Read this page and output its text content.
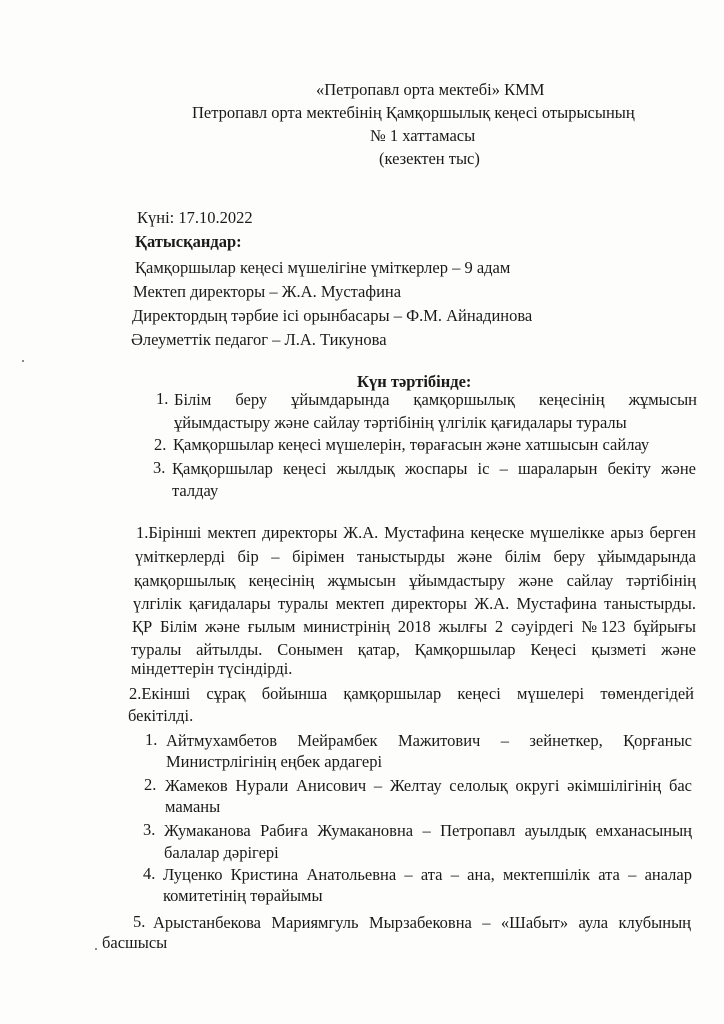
«Петропавл орта мектебі» КММ
Петропавл орта мектебінің Қамқоршылық кеңесі отырысының
№ 1 хаттамасы
(кезектен тыс)
Күні: 17.10.2022
Қатысқандар:
Қамқоршылар кеңесі мүшелігіне үміткерлер – 9 адам
Мектеп директоры – Ж.А. Мустафина
Директордың тәрбие ісі орынбасары – Ф.М. Айнадинова
Әлеуметтік педагог – Л.А. Тикунова
Күн тәртібінде:
1. Білім беру ұйымдарында қамқоршылық кеңесінің жұмысын
ұйымдастыру және сайлау тәртібінің үлгілік қағидалары туралы
2. Қамқоршылар кеңесі мүшелерін, төрағасын және хатшысын сайлау
3. Қамқоршылар кеңесі жылдық жоспары іс – шараларын бекіту және
талдау
1.Бірінші мектеп директоры Ж.А. Мустафина кеңеске мүшелікке арыз берген
үміткерлерді бір – бірімен таныстырды және білім беру ұйымдарында
қамқоршылық кеңесінің жұмысын ұйымдастыру және сайлау тәртібінің
үлгілік қағидалары туралы мектеп директоры Ж.А. Мустафина таныстырды.
ҚР Білім және ғылым министрінің 2018 жылғы 2 сәуірдегі №123 бұйрығы
туралы айтылды. Сонымен қатар, Қамқоршылар Кеңесі қызметі және
міндеттерін түсіндірді.
2.Екінші сұрақ бойынша қамқоршылар кеңесі мүшелері төмендегідей
бекітілді.
1. Айтмухамбетов Мейрамбек Мажитович – зейнеткер, Қорғаныс
Министрлігінің еңбек ардагері
2. Жамеков Нурали Анисович – Желтау селолық округі әкімшілігінің бас
маманы
3. Жумаканова Рабиға Жумакановна – Петропавл ауылдық емханасының
балалар дәрігері
4. Луценко Кристина Анатольевна – ата – ана, мектепшілік ата – аналар
комитетінің төрайымы
5. Арыстанбекова Мариямгуль Мырзабековна – «Шабыт» аула клубының
басшысы
